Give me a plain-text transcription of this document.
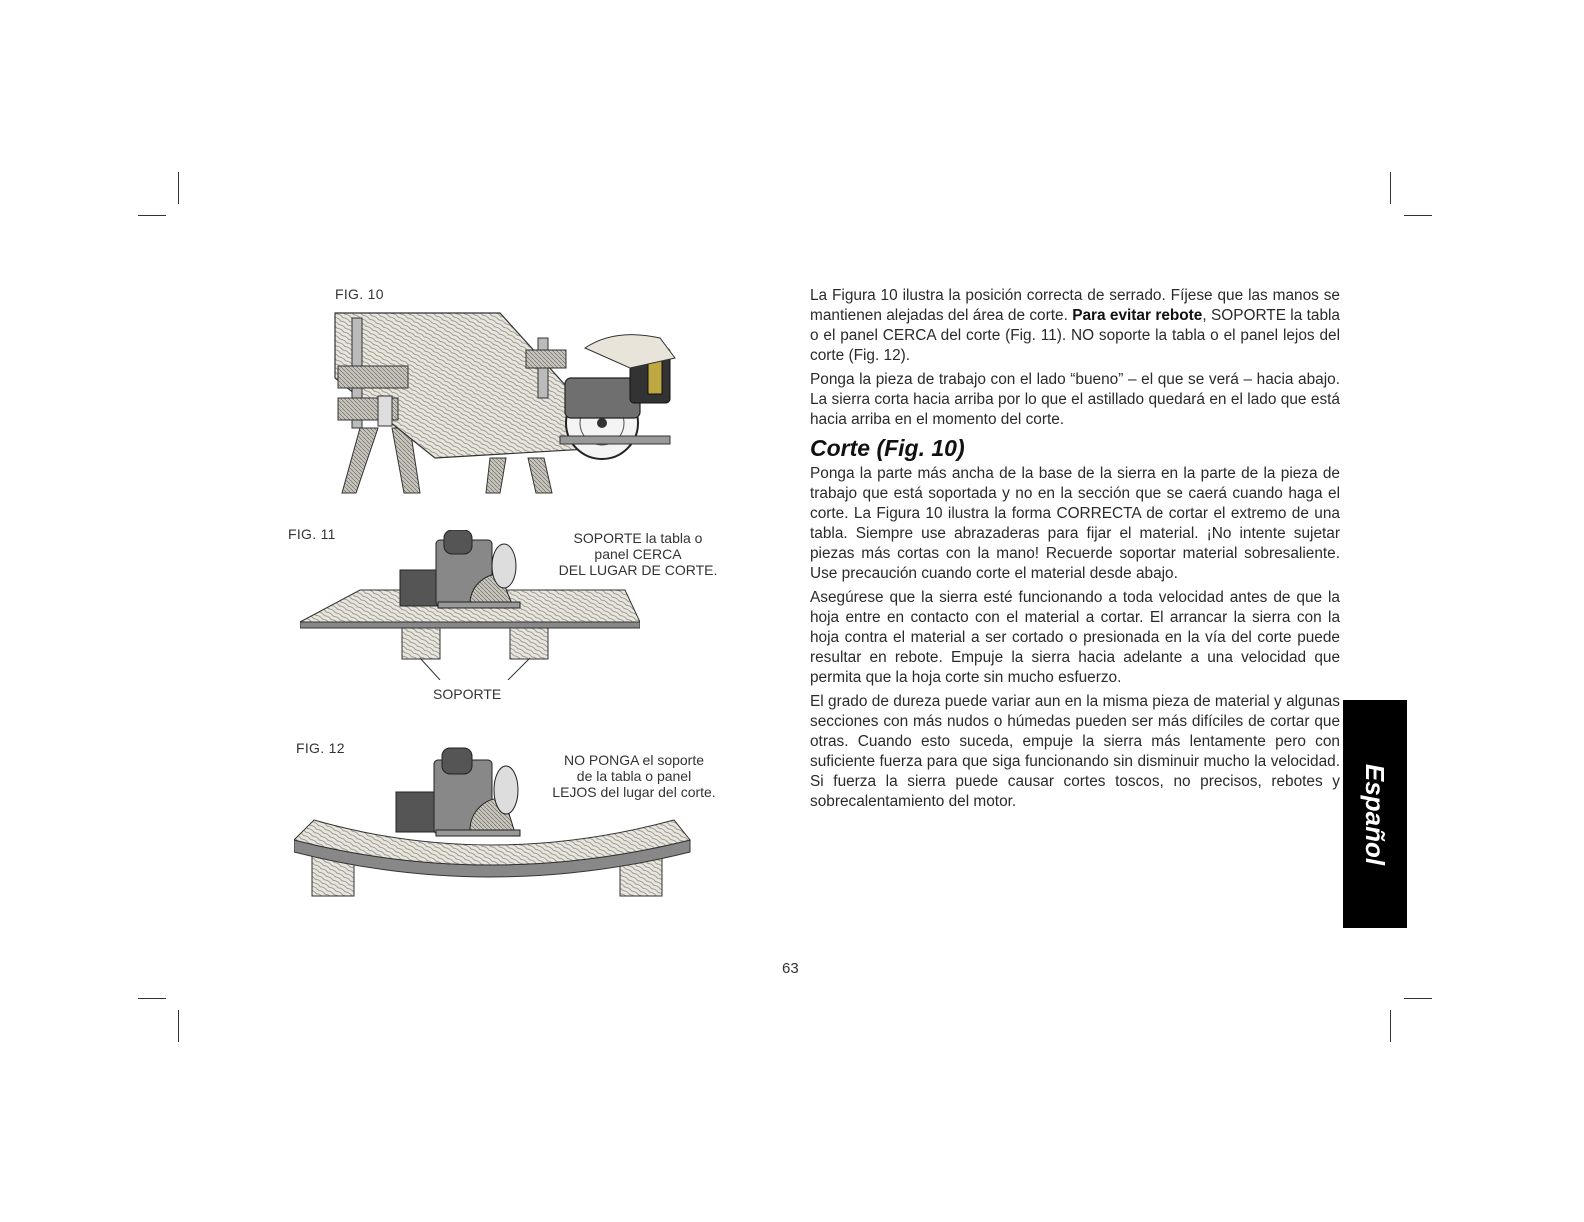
FIG. 10
FIG. 11	SOPORTE la tabla o
panel CERCA
DEL LUGAR DE CORTE.
SOPORTE
FIG. 12
NO PONGA el soporte
de la tabla o panel
LEJOS del lugar del corte.

La Figura 10 ilustra la posición correcta de serrado. Fíjese que las manos se mantienen alejadas del área de corte. Para evitar rebote, SOPORTE la tabla o el panel CERCA del corte (Fig. 11). NO soporte la tabla o el panel lejos del corte (Fig. 12).

Ponga la pieza de trabajo con el lado “bueno” – el que se verá – hacia abajo. La sierra corta hacia arriba por lo que el astillado quedará en el lado que está hacia arriba en el momento del corte.

Corte (Fig. 10)

Ponga la parte más ancha de la base de la sierra en la parte de la pieza de trabajo que está soportada y no en la sección que se caerá cuando haga el corte. La Figura 10 ilustra la forma CORRECTA de cortar el extremo de una tabla. Siempre use abrazaderas para fijar el material. ¡No intente sujetar piezas más cortas con la mano! Recuerde soportar material sobresaliente. Use precaución cuando corte el material desde abajo.

Asegúrese que la sierra esté funcionando a toda velocidad antes de que la hoja entre en contacto con el material a cortar. El arrancar la sierra con la hoja contra el material a ser cortado o presionada en la vía del corte puede resultar en rebote. Empuje la sierra hacia adelante a una velocidad que permita que la hoja corte sin mucho esfuerzo.

El grado de dureza puede variar aun en la misma pieza de material y algunas secciones con más nudos o húmedas pueden ser más difíciles de cortar que otras. Cuando esto suceda, empuje la sierra más lentamente pero con suficiente fuerza para que siga funcionando sin disminuir mucho la velocidad. Si fuerza la sierra puede causar cortes toscos, no precisos, rebotes y sobrecalentamiento del motor.

63
Español
